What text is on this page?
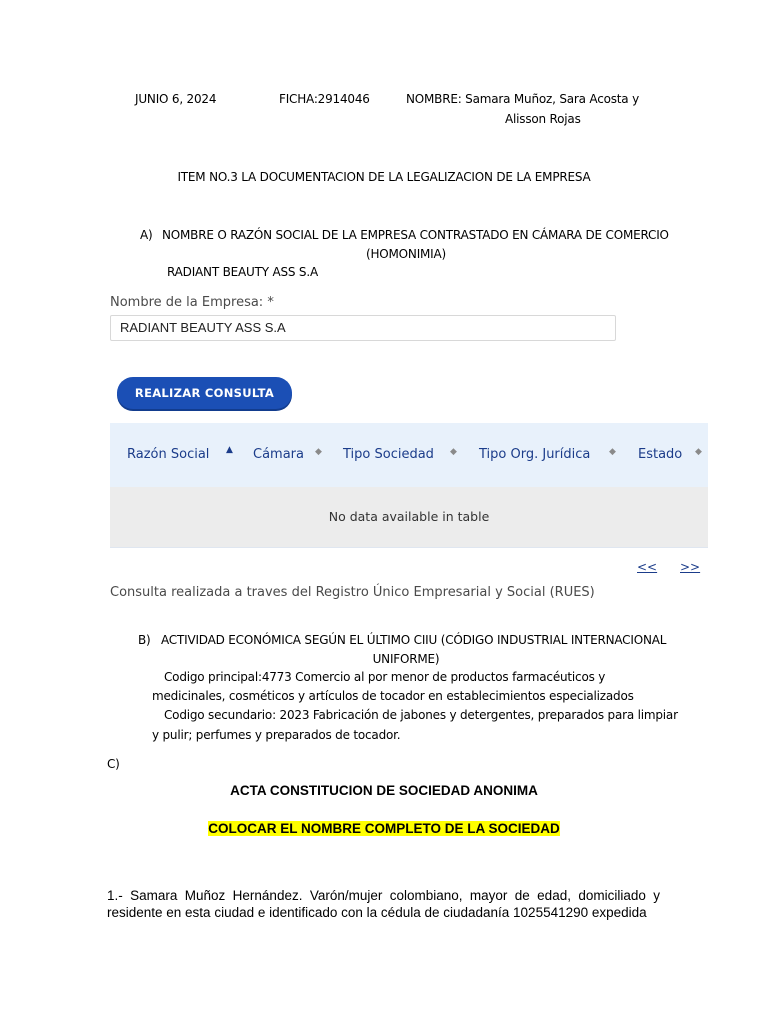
JUNIO 6, 2024	FICHA:2914046	NOMBRE: Samara Muñoz, Sara Acosta y
Alisson Rojas
ITEM NO.3 LA DOCUMENTACION DE LA LEGALIZACION DE LA EMPRESA
A) NOMBRE O RAZÓN SOCIAL DE LA EMPRESA CONTRASTADO EN CÁMARA DE COMERCIO
(HOMONIMIA)
RADIANT BEAUTY ASS S.A
Nombre de la Empresa: *
RADIANT BEAUTY ASS S.A
REALIZAR CONSULTA
Razón Social ▲ Cámara ◆ Tipo Sociedad ◆ Tipo Org. Jurídica ◆ Estado ◆
No data available in table
<< >>
Consulta realizada a traves del Registro Único Empresarial y Social (RUES)
B) ACTIVIDAD ECONÓMICA SEGÚN EL ÚLTIMO CIIU (CÓDIGO INDUSTRIAL INTERNACIONAL
UNIFORME)
Codigo principal:4773 Comercio al por menor de productos farmacéuticos y
medicinales, cosméticos y artículos de tocador en establecimientos especializados
Codigo secundario: 2023 Fabricación de jabones y detergentes, preparados para limpiar
y pulir; perfumes y preparados de tocador.
C)
ACTA CONSTITUCION DE SOCIEDAD ANONIMA
COLOCAR EL NOMBRE COMPLETO DE LA SOCIEDAD
1.- Samara Muñoz Hernández. Varón/mujer colombiano, mayor de edad, domiciliado y
residente en esta ciudad e identificado con la cédula de ciudadanía 1025541290 expedida
